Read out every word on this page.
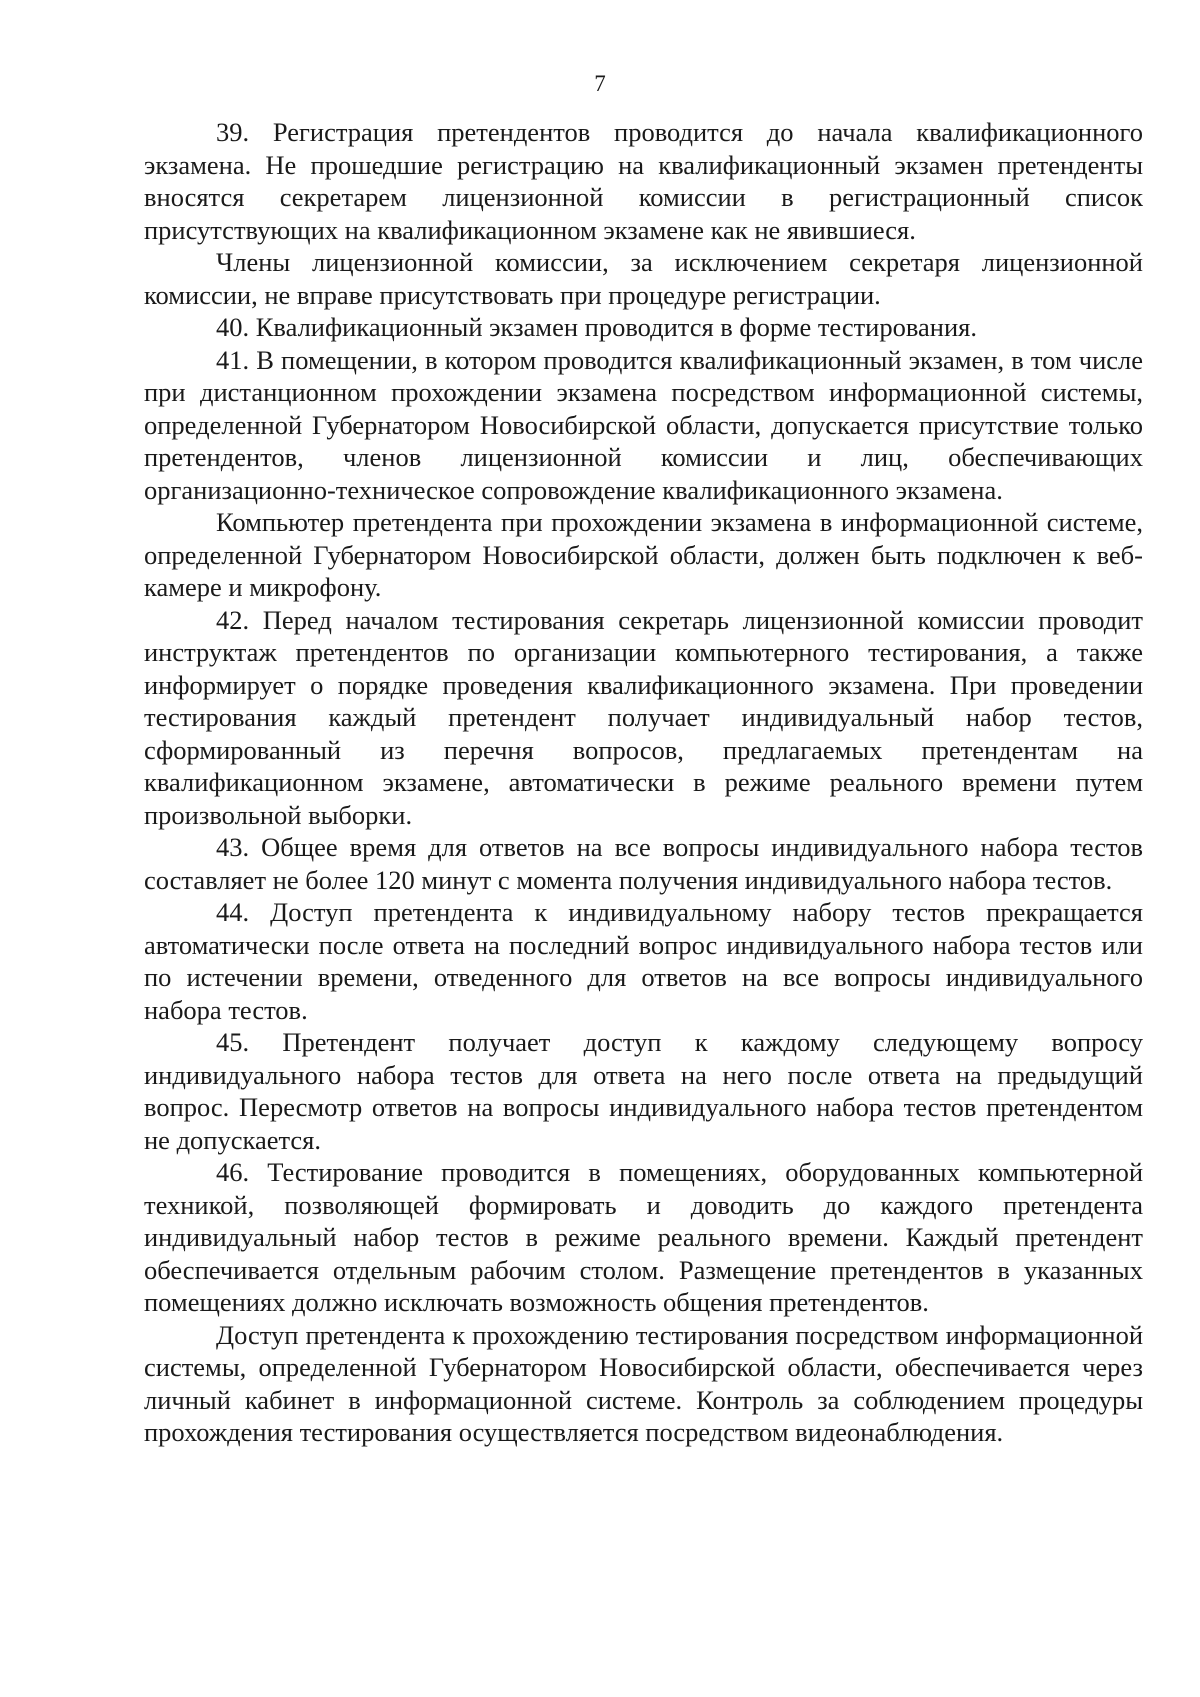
7

39. Регистрация претендентов проводится до начала квалификационного экзамена. Не прошедшие регистрацию на квалификационный экзамен претенденты вносятся секретарем лицензионной комиссии в регистрационный список присутствующих на квалификационном экзамене как не явившиеся.

Члены лицензионной комиссии, за исключением секретаря лицензионной комиссии, не вправе присутствовать при процедуре регистрации.

40. Квалификационный экзамен проводится в форме тестирования.

41. В помещении, в котором проводится квалификационный экзамен, в том числе при дистанционном прохождении экзамена посредством информационной системы, определенной Губернатором Новосибирской области, допускается присутствие только претендентов, членов лицензионной комиссии и лиц, обеспечивающих организационно-техническое сопровождение квалификационного экзамена.

Компьютер претендента при прохождении экзамена в информационной системе, определенной Губернатором Новосибирской области, должен быть подключен к веб-камере и микрофону.

42. Перед началом тестирования секретарь лицензионной комиссии проводит инструктаж претендентов по организации компьютерного тестирования, а также информирует о порядке проведения квалификационного экзамена. При проведении тестирования каждый претендент получает индивидуальный набор тестов, сформированный из перечня вопросов, предлагаемых претендентам на квалификационном экзамене, автоматически в режиме реального времени путем произвольной выборки.

43. Общее время для ответов на все вопросы индивидуального набора тестов составляет не более 120 минут с момента получения индивидуального набора тестов.

44. Доступ претендента к индивидуальному набору тестов прекращается автоматически после ответа на последний вопрос индивидуального набора тестов или по истечении времени, отведенного для ответов на все вопросы индивидуального набора тестов.

45. Претендент получает доступ к каждому следующему вопросу индивидуального набора тестов для ответа на него после ответа на предыдущий вопрос. Пересмотр ответов на вопросы индивидуального набора тестов претендентом не допускается.

46. Тестирование проводится в помещениях, оборудованных компьютерной техникой, позволяющей формировать и доводить до каждого претендента индивидуальный набор тестов в режиме реального времени. Каждый претендент обеспечивается отдельным рабочим столом. Размещение претендентов в указанных помещениях должно исключать возможность общения претендентов.

Доступ претендента к прохождению тестирования посредством информационной системы, определенной Губернатором Новосибирской области, обеспечивается через личный кабинет в информационной системе. Контроль за соблюдением процедуры прохождения тестирования осуществляется посредством видеонаблюдения.
